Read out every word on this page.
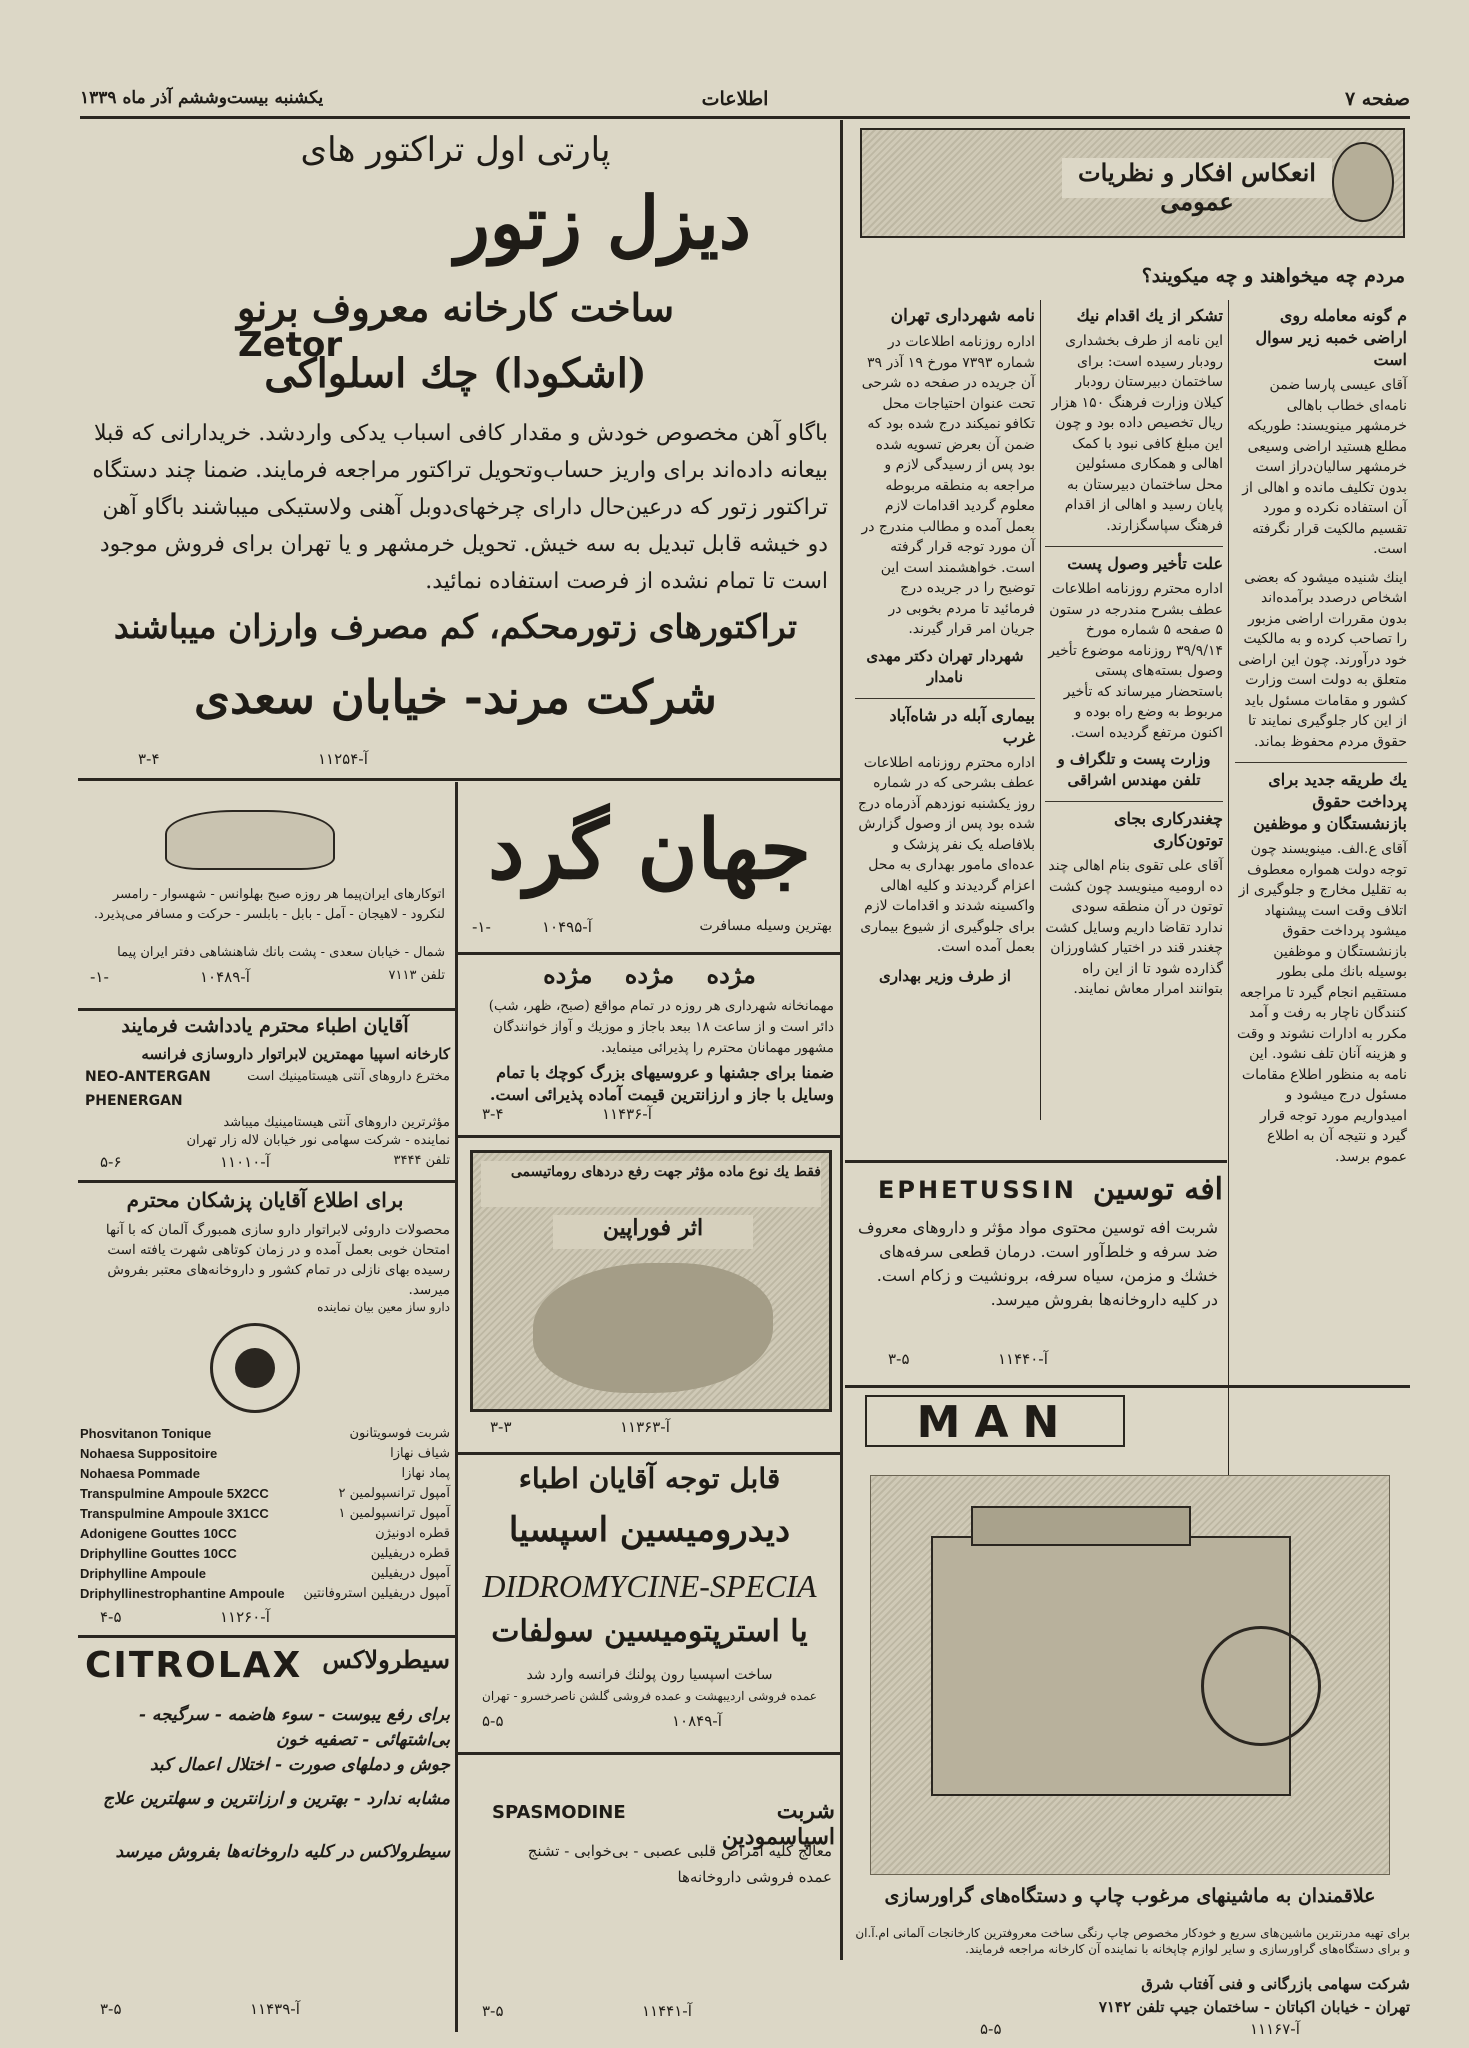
صفحه ۷
اطلاعات
یکشنبه بیست‌وششم آذر ماه ۱۳۳۹
پارتی اول تراکتور های
Zetor
دیزل زتور
ساخت کارخانه معروف برنو
(اشکودا) چك اسلواکی
باگاو آهن مخصوص خودش و مقدار کافی اسباب یدکی واردشد. خریدارانی که قبلا بیعانه داده‌اند برای واریز حساب‌وتحویل تراکتور مراجعه فرمایند. ضمنا چند دستگاه تراکتور زتور که درعین‌حال دارای چرخهای‌دوبل آهنی ولاستیکی میباشند باگاو آهن دو خیشه قابل تبدیل به سه خیش. تحویل خرمشهر و یا تهران برای فروش موجود است تا تمام نشده از فرصت استفاده نمائید.
تراکتورهای زتورمحکم، کم مصرف وارزان میباشند
شرکت مرند- خیابان سعدی
آ-۱۱۲۵۴
۳-۴
انعکاس افکار و نظریات عمومی
مردم چه میخواهند و چه میکویند؟
م گونه معامله روی اراضی خمبه زیر سوال است
آقای عیسی پارسا ضمن نامه‌ای خطاب باهالی خرمشهر مینویسند: طوریکه مطلع هستید اراضی وسیعی خرمشهر سالیان‌دراز است بدون تکلیف مانده و اهالی از آن استفاده نکرده و مورد تقسیم مالکیت قرار نگرفته است.
اینك شنیده میشود که بعضی اشخاص درصدد برآمده‌اند بدون مقررات اراضی مزبور را تصاحب کرده و به مالکیت خود درآورند. چون این اراضی متعلق به دولت است وزارت کشور و مقامات مسئول باید از این کار جلوگیری نمایند تا حقوق مردم محفوظ بماند.
یك طریقه جدید برای پرداخت حقوق بازنشستگان و موظفین
آقای ع.الف. مینویسند چون توجه دولت همواره معطوف به تقلیل مخارج و جلوگیری از اتلاف وقت است پیشنهاد میشود پرداخت حقوق بازنشستگان و موظفین بوسیله بانك ملی بطور مستقیم انجام گیرد تا مراجعه کنندگان ناچار به رفت و آمد مکرر به ادارات نشوند و وقت و هزینه آنان تلف نشود. این نامه به منظور اطلاع مقامات مسئول درج میشود و امیدواریم مورد توجه قرار گیرد و نتیجه آن به اطلاع عموم برسد.
تشکر از یك اقدام نیك
این نامه از طرف بخشداری رودبار رسیده است: برای ساختمان دبیرستان رودبار کیلان وزارت فرهنگ ۱۵۰ هزار ریال تخصیص داده بود و چون این مبلغ کافی نبود با کمک اهالی و همکاری مسئولین محل ساختمان دبیرستان به پایان رسید و اهالی از اقدام فرهنگ سپاسگزارند.
علت تأخیر وصول پست
اداره محترم روزنامه اطلاعات عطف بشرح مندرجه در ستون ۵ صفحه ۵ شماره مورخ ۳۹/۹/۱۴ روزنامه موضوع تأخیر وصول بسته‌های پستی باستحضار میرساند که تأخیر مربوط به وضع راه بوده و اکنون مرتفع گردیده است.
وزارت پست و تلگراف و تلفن مهندس اشراقی
چغندرکاری بجای توتون‌کاری
آقای علی تقوی بنام اهالی چند ده ارومیه مینویسد چون کشت توتون در آن منطقه سودی ندارد تقاضا داریم وسایل کشت چغندر قند در اختیار کشاورزان گذارده شود تا از این راه بتوانند امرار معاش نمایند.
نامه شهرداری تهران
اداره روزنامه اطلاعات در شماره ۷۳۹۳ مورخ ۱۹ آذر ۳۹ آن جریده در صفحه ده شرحی تحت عنوان احتیاجات محل تکافو نمیکند درج شده بود که ضمن آن بعرض تسویه شده بود پس از رسیدگی لازم و مراجعه به منطقه مربوطه معلوم گردید اقدامات لازم بعمل آمده و مطالب مندرج در آن مورد توجه قرار گرفته است. خواهشمند است این توضیح را در جریده درج فرمائید تا مردم بخوبی در جریان امر قرار گیرند.
شهردار تهران دکتر مهدی نامدار
بیماری آبله در شاه‌آباد غرب
اداره محترم روزنامه اطلاعات عطف بشرحی که در شماره روز یکشنبه نوزدهم آذرماه درج شده بود پس از وصول گزارش بلافاصله یک نفر پزشک و عده‌ای مامور بهداری به محل اعزام گردیدند و کلیه اهالی واکسینه شدند و اقدامات لازم برای جلوگیری از شیوع بیماری بعمل آمده است.
از طرف وزیر بهداری
EPHETUSSIN افه توسین
شربت افه توسین محتوی مواد مؤثر و داروهای معروف ضد سرفه و خلط‌آور است. درمان قطعی سرفه‌های خشك و مزمن، سیاه سرفه، برونشیت و زکام است. در کلیه داروخانه‌ها بفروش میرسد.
آ-۱۱۴۴۰
۳-۵
MAN
علاقمندان به ماشینهای مرغوب چاپ و دستگاه‌های گراورسازی
برای تهیه مدرنترین ماشین‌های سریع و خودکار مخصوص چاپ رنگی ساخت معروفترین کارخانجات آلمانی ام.آ.ان و برای دستگاه‌های گراورسازی و سایر لوازم چاپخانه با نماینده آن کارخانه مراجعه فرمایند.
شرکت سهامی بازرگانی و فنی آفتاب شرق
تهران - خیابان اکباتان - ساختمان جیپ تلفن ۷۱۴۲
آ-۱۱۱۶۷
۵-۵
اتوکارهای ایران‌پیما هر روزه صبح بهلوانس - شهسوار - رامسر لنکرود - لاهیجان - آمل - بابل - بابلسر - حرکت و مسافر می‌پذیرد.
شمال - خیابان سعدی - پشت بانك شاهنشاهی دفتر ایران پیما
تلفن ۷۱۱۳
آ-۱۰۴۸۹
-۱-
جهان گرد
بهترین وسیله مسافرت
آ-۱۰۴۹۵
-۱-
مژده مژده مژده
مهمانخانه شهرداری هر روزه در تمام مواقع (صبح، ظهر، شب) دائر است و از ساعت ۱۸ ببعد باجاز و موزیك و آواز خوانندگان مشهور مهمانان محترم را پذیرائی مینماید.
ضمنا برای جشنها و عروسیهای بزرگ کوچك با تمام وسایل با جاز و ارزانترین قیمت آماده پذیرائی است.
آ-۱۱۴۳۶
۳-۴
فقط یك نوع ماده مؤثر جهت رفع دردهای روماتیسمی
اثر فوراپین
آ-۱۱۳۶۳
۳-۳
قابل توجه آقایان اطباء
دیدرومیسین اسپسیا
DIDROMYCINE-SPECIA
یا استرپتومیسین سولفات
ساخت اسپسیا رون پولنك فرانسه وارد شد
عمده فروشی اردیبهشت و عمده فروشی گلشن ناصرخسرو - تهران
آ-۱۰۸۴۹
۵-۵
SPASMODINE	شربت اسپاسمودین
معالج کلیه امراض قلبی عصبی - بی‌خوابی - تشنج
عمده فروشی داروخانه‌ها
آ-۱۱۴۴۱
۳-۵
آقایان اطباء محترم یادداشت فرمایند
کارخانه اسپیا مهمترین لابراتوار داروسازی فرانسه
مخترع داروهای آنتی هیستامینیك است
NEO-ANTERGAN
PHENERGAN
مؤثرترین داروهای آنتی هیستامینیك میباشد
نماینده - شرکت سهامی نور خیابان لاله زار تهران
تلفن ۳۴۴۴
آ-۱۱۰۱۰
۵-۶
برای اطلاع آقایان پزشکان محترم
محصولات داروئی لابراتوار دارو سازی همبورگ آلمان که با آنها امتحان خوبی بعمل آمده و در زمان کوتاهی شهرت یافته است رسیده بهای نازلی در تمام کشور و داروخانه‌های معتبر بفروش میرسد.
دارو ساز معین بیان نماینده
Phosvitanon Tonique	شربت فوسویتانون
Nohaesa Suppositoire	شیاف نهازا
Nohaesa Pommade	پماد نهازا
Transpulmine Ampoule 5X2CC	آمپول ترانسپولمین ۲
Transpulmine Ampoule 3X1CC	آمپول ترانسپولمین ۱
Adonigene Gouttes 10CC	قطره ادونیژن
Driphylline Gouttes 10CC	قطره دریفیلین
Driphylline Ampoule	آمپول دریفیلین
Driphyllinestrophantine Ampoule آمپول دریفیلین استروفانتین
آ-۱۱۲۶۰
۴-۵
CITROLAX سیطرولاکس
برای رفع یبوست - سوء هاضمه - سرگیجه - بی‌اشتهائی - تصفیه خون
جوش و دملهای صورت - اختلال اعمال کبد
مشابه ندارد - بهترین و ارزانترین و سهلترین علاج
سیطرولاکس در کلیه داروخانه‌ها بفروش میرسد
آ-۱۱۴۳۹
۳-۵
